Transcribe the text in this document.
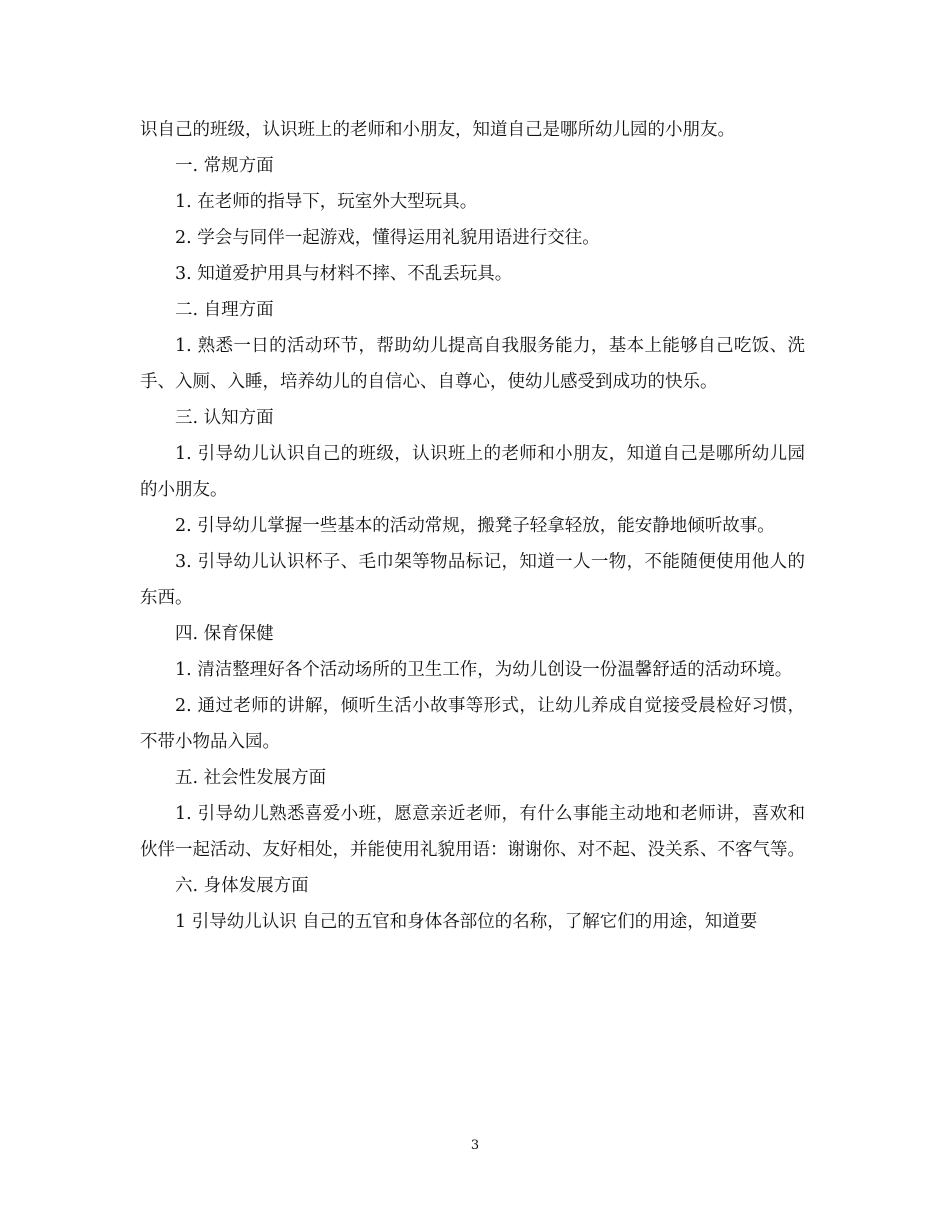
识自己的班级，认识班上的老师和小朋友，知道自己是哪所幼儿园的小朋友。

一. 常规方面

1. 在老师的指导下，玩室外大型玩具。

2. 学会与同伴一起游戏，懂得运用礼貌用语进行交往。

3. 知道爱护用具与材料不摔、不乱丢玩具。

二. 自理方面

1. 熟悉一日的活动环节，帮助幼儿提高自我服务能力，基本上能够自己吃饭、洗手、入厕、入睡，培养幼儿的自信心、自尊心，使幼儿感受到成功的快乐。

三. 认知方面

1. 引导幼儿认识自己的班级，认识班上的老师和小朋友，知道自己是哪所幼儿园的小朋友。

2. 引导幼儿掌握一些基本的活动常规，搬凳子轻拿轻放，能安静地倾听故事。

3. 引导幼儿认识杯子、毛巾架等物品标记，知道一人一物，不能随便使用他人的东西。

四. 保育保健

1. 清洁整理好各个活动场所的卫生工作，为幼儿创设一份温馨舒适的活动环境。

2. 通过老师的讲解，倾听生活小故事等形式，让幼儿养成自觉接受晨检好习惯，不带小物品入园。

五. 社会性发展方面

1. 引导幼儿熟悉喜爱小班，愿意亲近老师，有什么事能主动地和老师讲，喜欢和伙伴一起活动、友好相处，并能使用礼貌用语：谢谢你、对不起、没关系、不客气等。

六. 身体发展方面

1 引导幼儿认识 自己的五官和身体各部位的名称，了解它们的用途，知道要

3
